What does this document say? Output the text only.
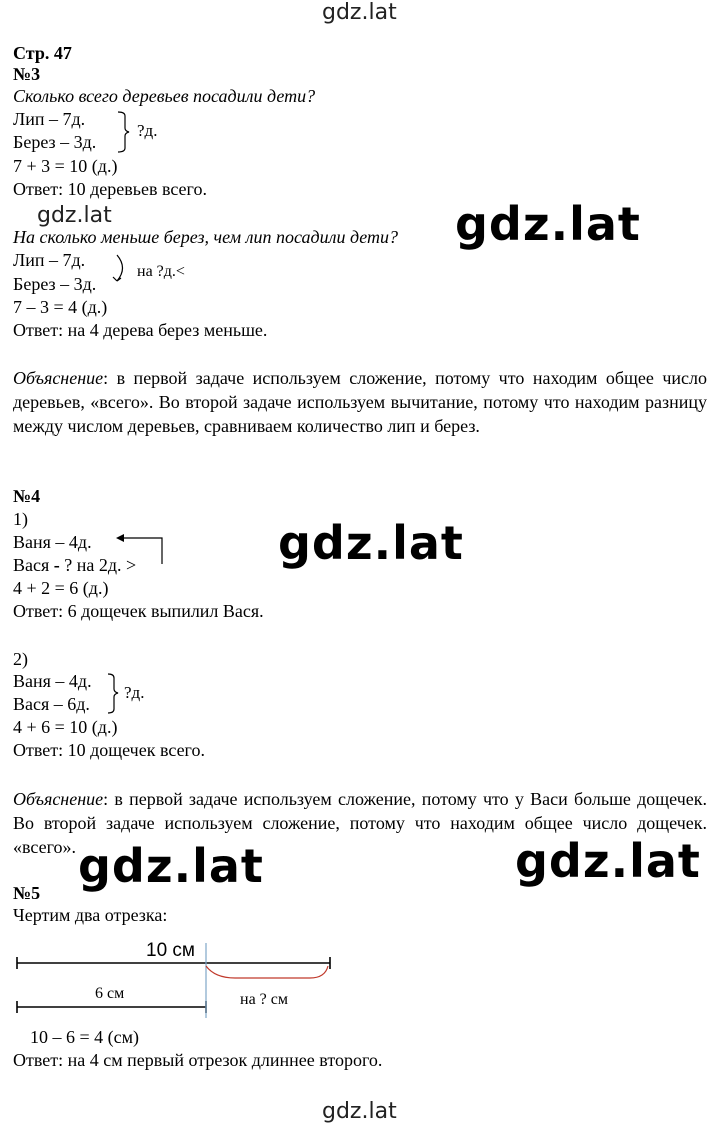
gdz.lat
gdz.lat	gdz.lat
gdz.lat
gdz.lat	gdz.lat
gdz.lat
Стр. 47
№3
Сколько всего деревьев посадили дети?
Лип – 7д.
Берез – 3д.
?д.
7 + 3 = 10 (д.)
Ответ: 10 деревьев всего.
На сколько меньше берез, чем лип посадили дети?
Лип – 7д.
Берез – 3д.
на ?д.<
7 – 3 = 4 (д.)
Ответ: на 4 дерева берез меньше.

Объяснение: в первой задаче используем сложение, потому что находим общее число деревьев, «всего». Во второй задаче используем вычитание, потому что находим разницу между числом деревьев, сравниваем количество лип и берез.

№4
1)
Ваня – 4д.
Вася - ? на 2д. >
4 + 2 = 6 (д.)
Ответ: 6 дощечек выпилил Вася.
2)
Ваня – 4д.
Вася – 6д.
?д.
4 + 6 = 10 (д.)
Ответ: 10 дощечек всего.

Объяснение: в первой задаче используем сложение, потому что у Васи больше дощечек. Во второй задаче используем сложение, потому что находим общее число дощечек. «всего».

№5
Чертим два отрезка:
10 см
6 см	на ? см
10 – 6 = 4 (см)
Ответ: на 4 см первый отрезок длиннее второго.
